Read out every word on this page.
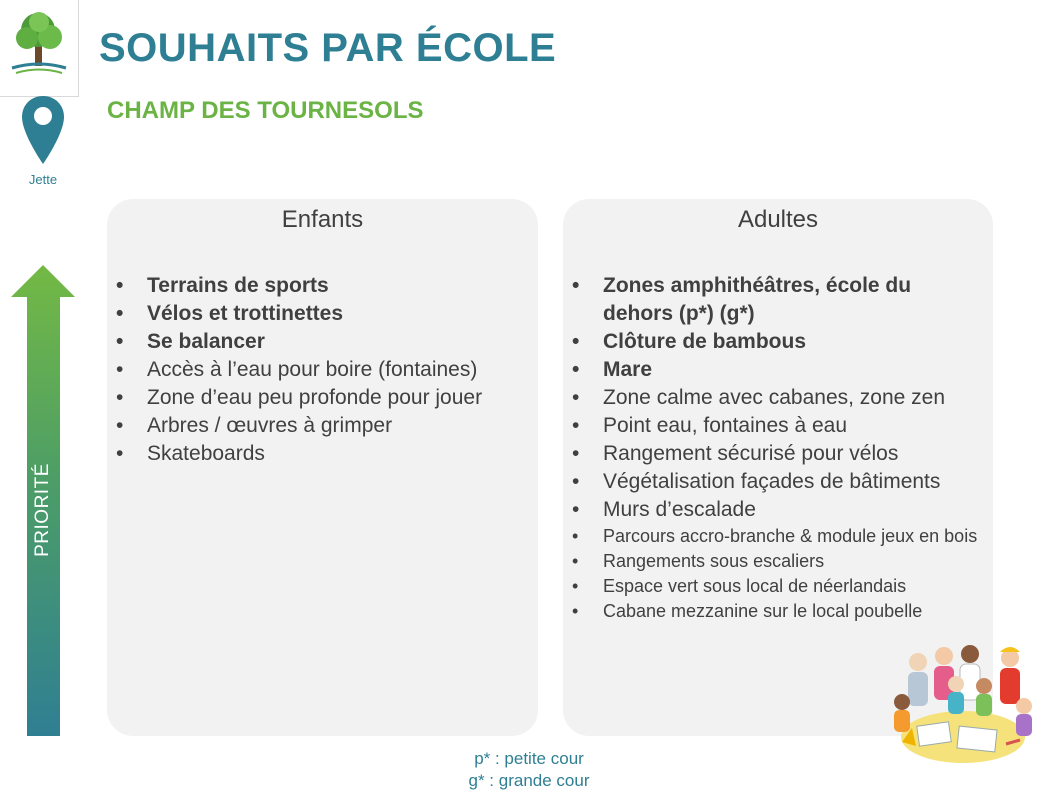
Jette
SOUHAITS PAR ÉCOLE
CHAMP DES TOURNESOLS
PRIORITÉ
Enfants
• Terrains de sports
• Vélos et trottinettes
• Se balancer
• Accès à l’eau pour boire (fontaines)
• Zone d’eau peu profonde pour jouer
• Arbres / œuvres à grimper
• Skateboards
Adultes
• Zones amphithéâtres, école du dehors (p*) (g*)
• Clôture de bambous
• Mare
• Zone calme avec cabanes, zone zen
• Point eau, fontaines à eau
• Rangement sécurisé pour vélos
• Végétalisation façades de bâtiments
• Murs d’escalade
• Parcours accro-branche & module jeux en bois
• Rangements sous escaliers
• Espace vert sous local de néerlandais
• Cabane mezzanine sur le local poubelle
p* : petite cour
g* : grande cour
